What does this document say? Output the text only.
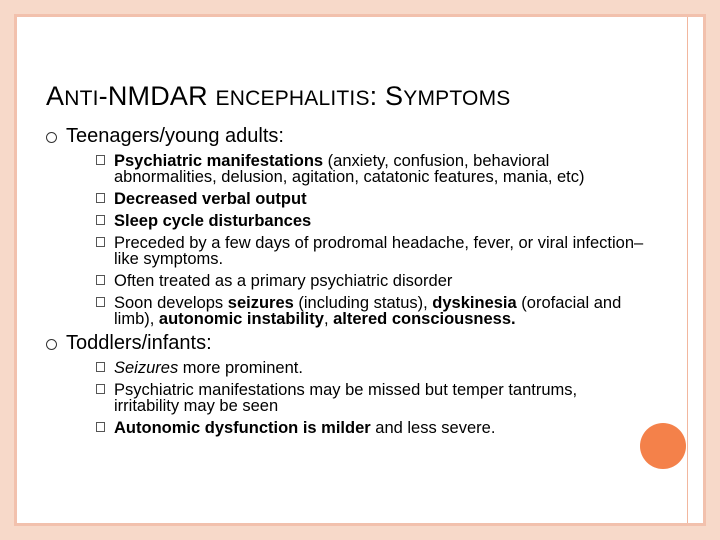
ANTI-NMDAR ENCEPHALITIS: SYMPTOMS
Teenagers/young adults:
Psychiatric manifestations (anxiety, confusion, behavioral abnormalities, delusion, agitation, catatonic features, mania, etc)
Decreased verbal output
Sleep cycle disturbances
Preceded by a few days of prodromal headache, fever, or viral infection–like symptoms.
Often treated as a primary psychiatric disorder
Soon develops seizures (including status), dyskinesia (orofacial and limb), autonomic instability, altered consciousness.
Toddlers/infants:
Seizures more prominent.
Psychiatric manifestations may be missed but temper tantrums, irritability may be seen
Autonomic dysfunction is milder and less severe.
